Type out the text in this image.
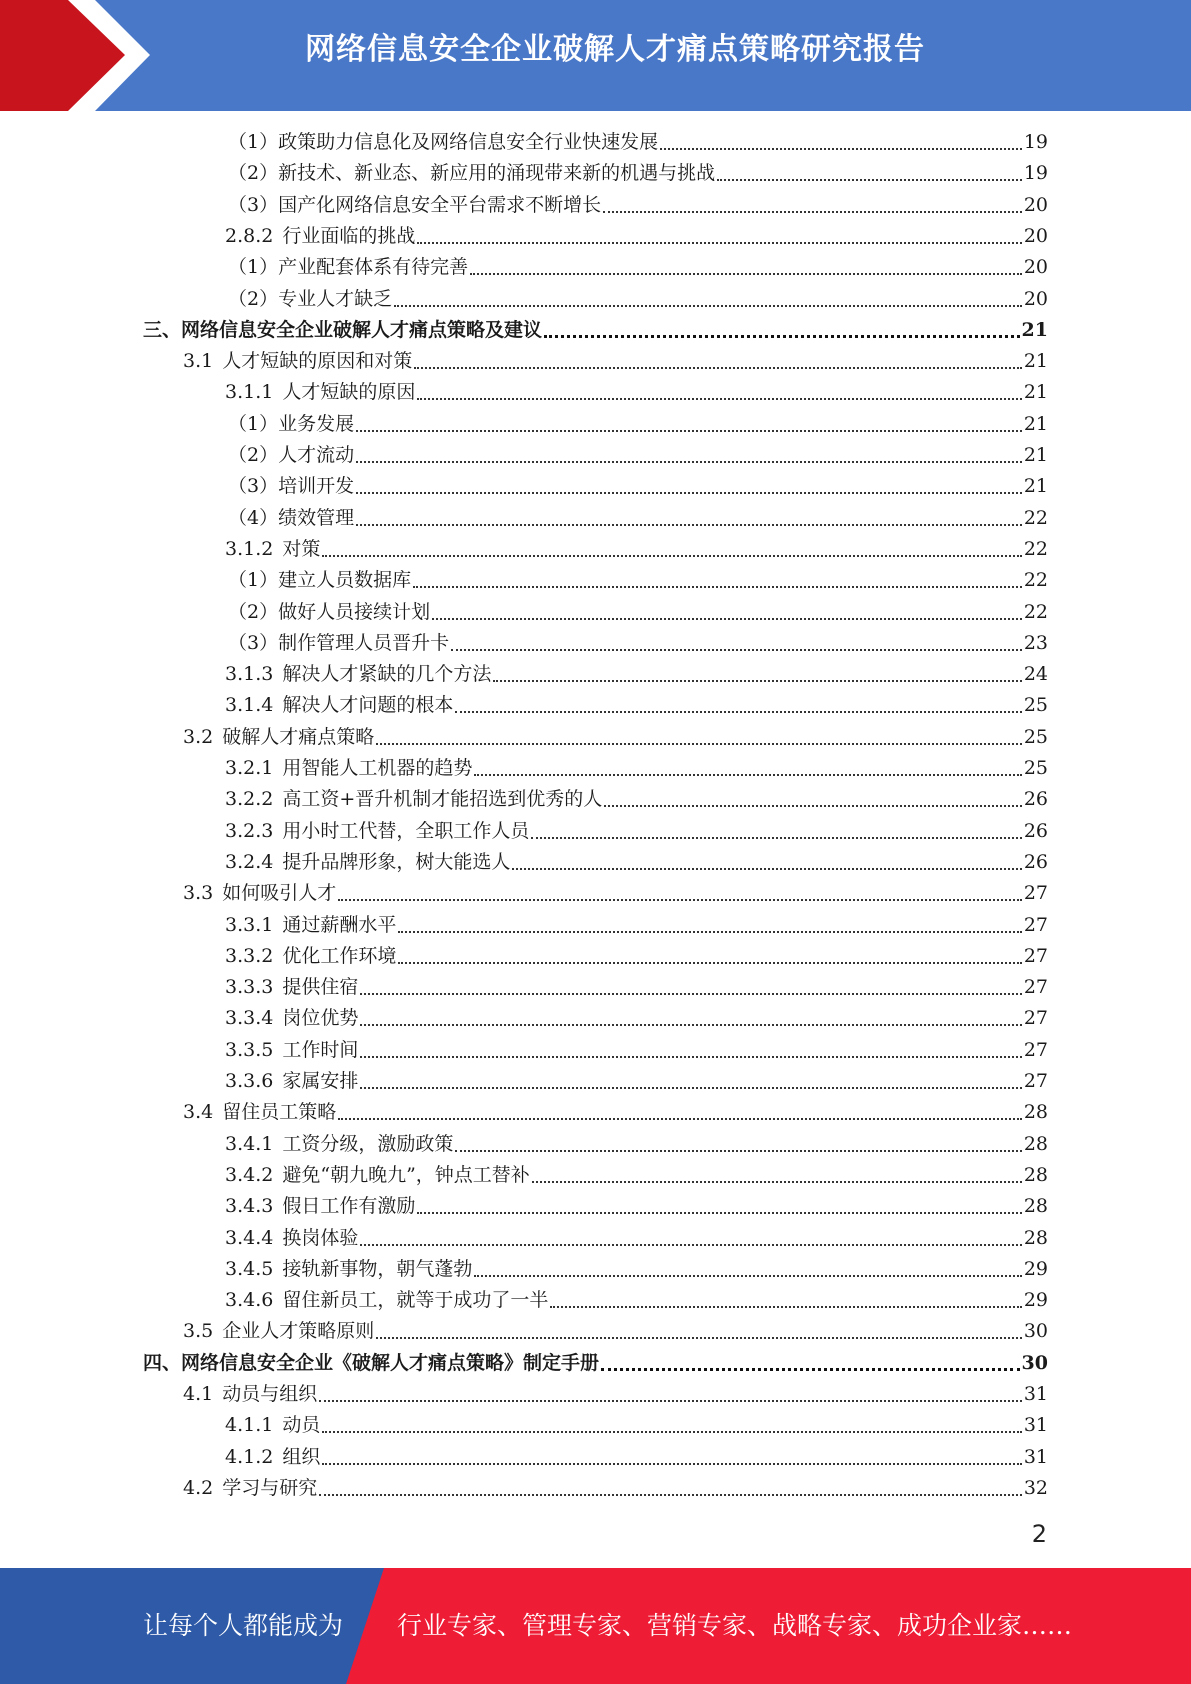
网络信息安全企业破解人才痛点策略研究报告
（1） 政策助力信息化及网络信息安全行业快速发展	19
（2） 新技术、新业态、新应用的涌现带来新的机遇与挑战	19
（3） 国产化网络信息安全平台需求不断增长	20
2.8.2 行业面临的挑战	20
（1） 产业配套体系有待完善	20
（2） 专业人才缺乏	20
三、 网络信息安全企业破解人才痛点策略及建议	21
3.1 人才短缺的原因和对策	21
3.1.1 人才短缺的原因	21
（1） 业务发展	21
（2） 人才流动	21
（3） 培训开发	21
（4） 绩效管理	22
3.1.2 对策	22
（1） 建立人员数据库	22
（2） 做好人员接续计划	22
（3） 制作管理人员晋升卡	23
3.1.3 解决人才紧缺的几个方法	24
3.1.4 解决人才问题的根本	25
3.2 破解人才痛点策略	25
3.2.1 用智能人工机器的趋势	25
3.2.2 高工资+晋升机制才能招选到优秀的人	26
3.2.3 用小时工代替，全职工作人员	26
3.2.4 提升品牌形象，树大能选人	26
3.3 如何吸引人才	27
3.3.1 通过薪酬水平	27
3.3.2 优化工作环境	27
3.3.3 提供住宿	27
3.3.4 岗位优势	27
3.3.5 工作时间	27
3.3.6 家属安排	27
3.4 留住员工策略	28
3.4.1 工资分级，激励政策	28
3.4.2 避免“朝九晚九”，钟点工替补	28
3.4.3 假日工作有激励	28
3.4.4 换岗体验	28
3.4.5 接轨新事物，朝气蓬勃	29
3.4.6 留住新员工，就等于成功了一半	29
3.5 企业人才策略原则	30
四、 网络信息安全企业《破解人才痛点策略》制定手册	30
4.1 动员与组织	31
4.1.1 动员	31
4.1.2 组织	31
4.2 学习与研究	32
2
让每个人都能成为 行业专家、管理专家、营销专家、战略专家、成功企业家……
